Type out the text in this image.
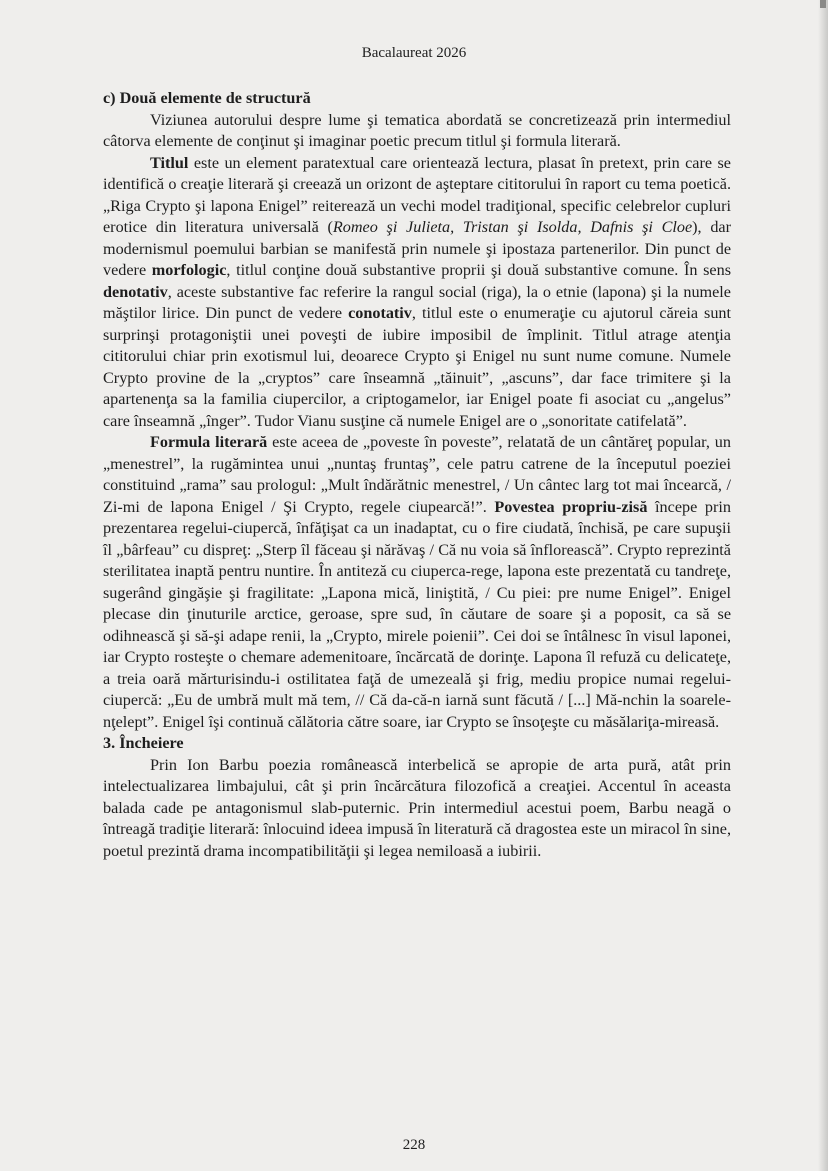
Bacalaureat 2026

c) Două elemente de structură

Viziunea autorului despre lume şi tematica abordată se concretizează prin intermediul câtorva elemente de conţinut şi imaginar poetic precum titlul şi formula literară.

Titlul este un element paratextual care orientează lectura, plasat în pretext, prin care se identifică o creaţie literară şi creează un orizont de aşteptare cititorului în raport cu tema poetică. „Riga Crypto şi lapona Enigel” reiterează un vechi model tradiţional, specific celebrelor cupluri erotice din literatura universală (Romeo şi Julieta, Tristan şi Isolda, Dafnis şi Cloe), dar modernismul poemului barbian se manifestă prin numele şi ipostaza partenerilor. Din punct de vedere morfologic, titlul conţine două substantive proprii şi două substantive comune. În sens denotativ, aceste substantive fac referire la rangul social (riga), la o etnie (lapona) şi la numele măştilor lirice. Din punct de vedere conotativ, titlul este o enumeraţie cu ajutorul căreia sunt surprinşi protagoniştii unei poveşti de iubire imposibil de împlinit. Titlul atrage atenţia cititorului chiar prin exotismul lui, deoarece Crypto şi Enigel nu sunt nume comune. Numele Crypto provine de la „cryptos” care înseamnă „tăinuit”, „ascuns”, dar face trimitere şi la apartenenţa sa la familia ciupercilor, a criptogamelor, iar Enigel poate fi asociat cu „angelus” care înseamnă „înger”. Tudor Vianu susţine că numele Enigel are o „sonoritate catifelată”.

Formula literară este aceea de „poveste în poveste”, relatată de un cântăreţ popular, un „menestrel”, la rugămintea unui „nuntaş fruntaş”, cele patru catrene de la începutul poeziei constituind „rama” sau prologul: „Mult îndărătnic menestrel, / Un cântec larg tot mai încearcă, / Zi-mi de lapona Enigel / Şi Crypto, regele ciupearcă!”. Povestea propriu-zisă începe prin prezentarea regelui-ciupercă, înfăţişat ca un inadaptat, cu o fire ciudată, închisă, pe care supuşii îl „bârfeau” cu dispreţ: „Sterp îl făceau şi nărăvaş / Că nu voia să înflorească”. Crypto reprezintă sterilitatea inaptă pentru nuntire. În antiteză cu ciuperca-rege, lapona este prezentată cu tandreţe, sugerând gingăşie şi fragilitate: „Lapona mică, liniştită, / Cu piei: pre nume Enigel”. Enigel plecase din ţinuturile arctice, geroase, spre sud, în căutare de soare şi a poposit, ca să se odihnească şi să-şi adape renii, la „Crypto, mirele poienii”. Cei doi se întâlnesc în visul laponei, iar Crypto rosteşte o chemare ademenitoare, încărcată de dorinţe. Lapona îl refuză cu delicateţe, a treia oară mărturisindu-i ostilitatea faţă de umezeală şi frig, mediu propice numai regelui-ciupercă: „Eu de umbră mult mă tem, // Că da-că-n iarnă sunt făcută / [...] Mă-nchin la soarele-nţelept”. Enigel îşi continuă călătoria către soare, iar Crypto se însoţeşte cu măsălariţa-mireasă.

3. Încheiere

Prin Ion Barbu poezia românească interbelică se apropie de arta pură, atât prin intelectualizarea limbajului, cât şi prin încărcătura filozofică a creaţiei. Accentul în aceasta balada cade pe antagonismul slab-puternic. Prin intermediul acestui poem, Barbu neagă o întreagă tradiţie literară: înlocuind ideea impusă în literatură că dragostea este un miracol în sine, poetul prezintă drama incompatibilităţii şi legea nemiloasă a iubirii.

228
